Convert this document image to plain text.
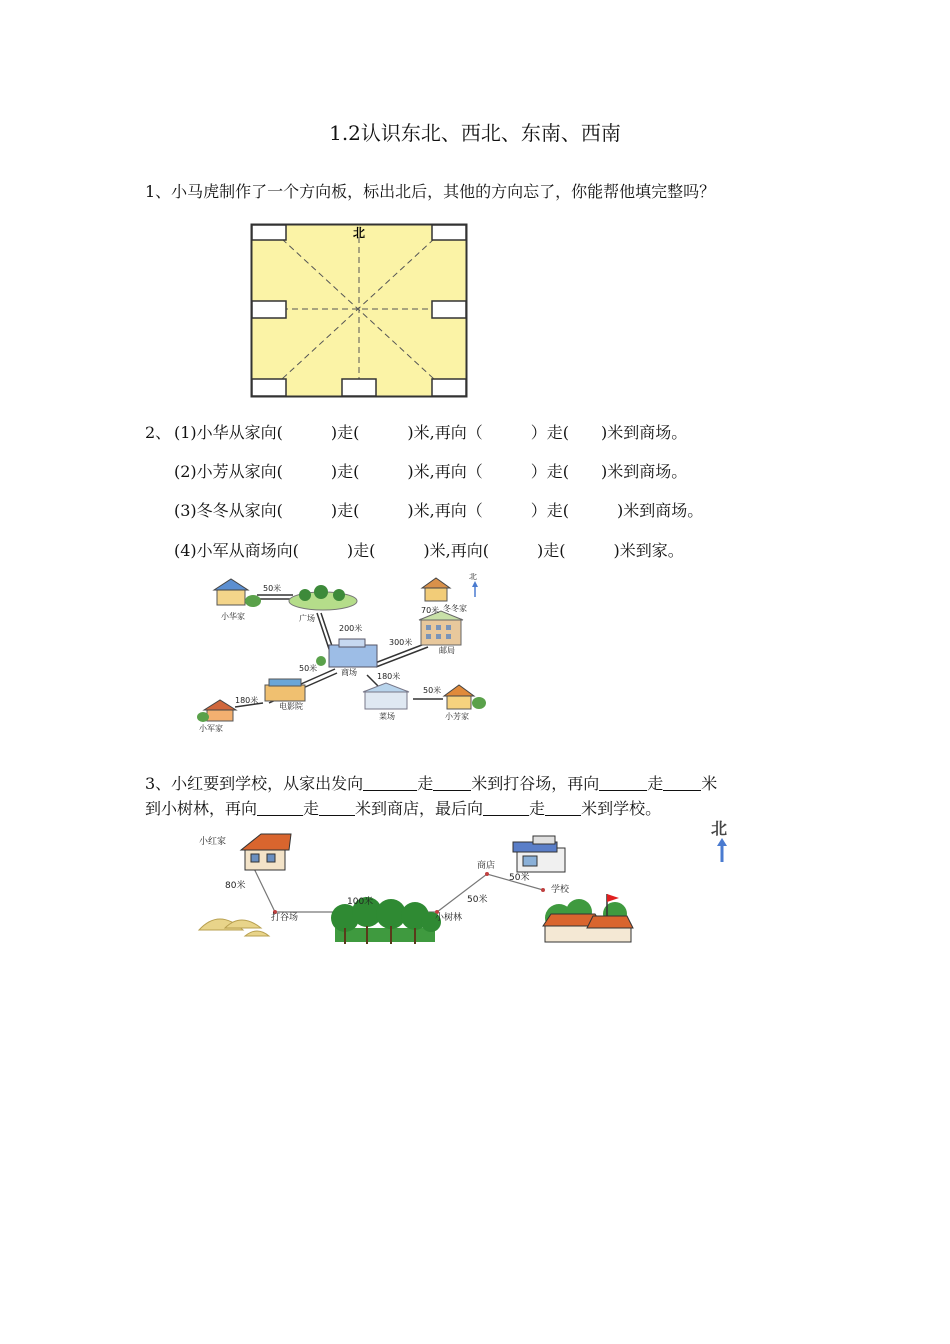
1.2认识东北、西北、东南、西南
1、小马虎制作了一个方向板，标出北后，其他的方向忘了，你能帮他填完整吗？
北
2、 (1)小华从家向(   )走(   )米,再向（   ）走(  )米到商场。
(2)小芳从家向(   )走(   )米,再向（   ）走(  )米到商场。
(3)冬冬从家向(   )走(   )米,再向（   ）走(   )米到商场。
(4)小军从商场向(   )走(   )米,再向(   )走(   )米到家。
北
小华家	广场
冬冬家
邮局
商场
电影院
小军家
菜场	小芳家
50米
200米
70米
300米
50米
180米
180米
50米
3、小红要到学校，从家出发向	走 米到打谷场，再向	走 米
到小树林，再向	走 米到商店，最后向	走 米到学校。
北
小红家
打谷场	小树林
商店
学校
80米
100米	50米
50米
